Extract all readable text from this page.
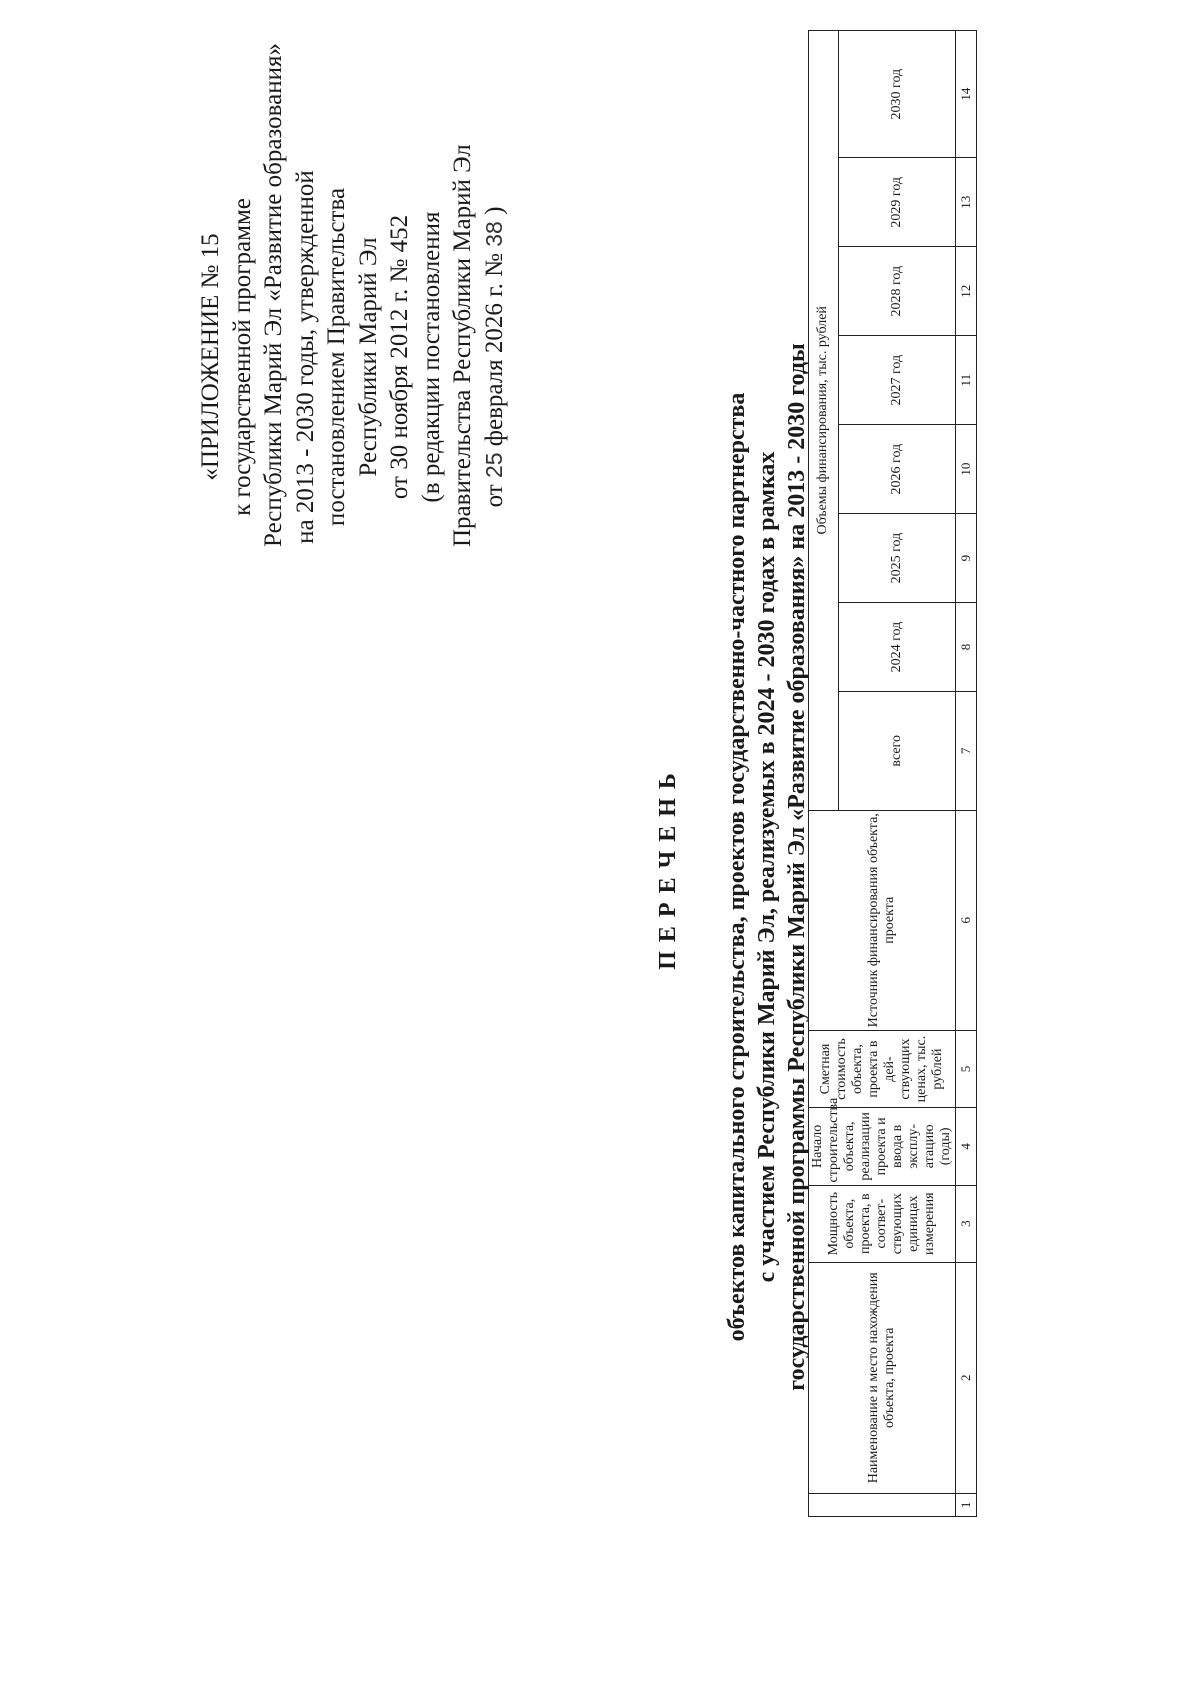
«ПРИЛОЖЕНИЕ № 15 к государственной программе Республики Марий Эл «Развитие образования» на 2013 - 2030 годы, утвержденной постановлением Правительства Республики Марий Эл от 30 ноября 2012 г. № 452 (в редакции постановления Правительства Республики Марий Эл от 25 февраля 2026 г. № 38 )
ПЕРЕЧЕНЬ объектов капитального строительства, проектов государственно-частного партнерства с участием Республики Марий Эл, реализуемых в 2024 - 2030 годах в рамках государственной программы Республики Марий Эл «Развитие образования» на 2013 - 2030 годы
		Наименование и место нахождения объекта, проекта	Мощность объекта, проекта, в соответ-ствующих единицах измерения	Начало строительства объекта, реализации проекта и ввода в эксплу-атацию (годы)	Сметная стоимость объекта, проекта в дей-ствующих ценах, тыс. рублей	Источник финансирования объекта, проекта	Объемы финансирования, тыс. рублей							
						всего	2024 год	2025 год	2026 год	2027 год	2028 год	2029 год	2030 год
1	2	3	4	5	6	7	8	9	10	11	12	13	14
